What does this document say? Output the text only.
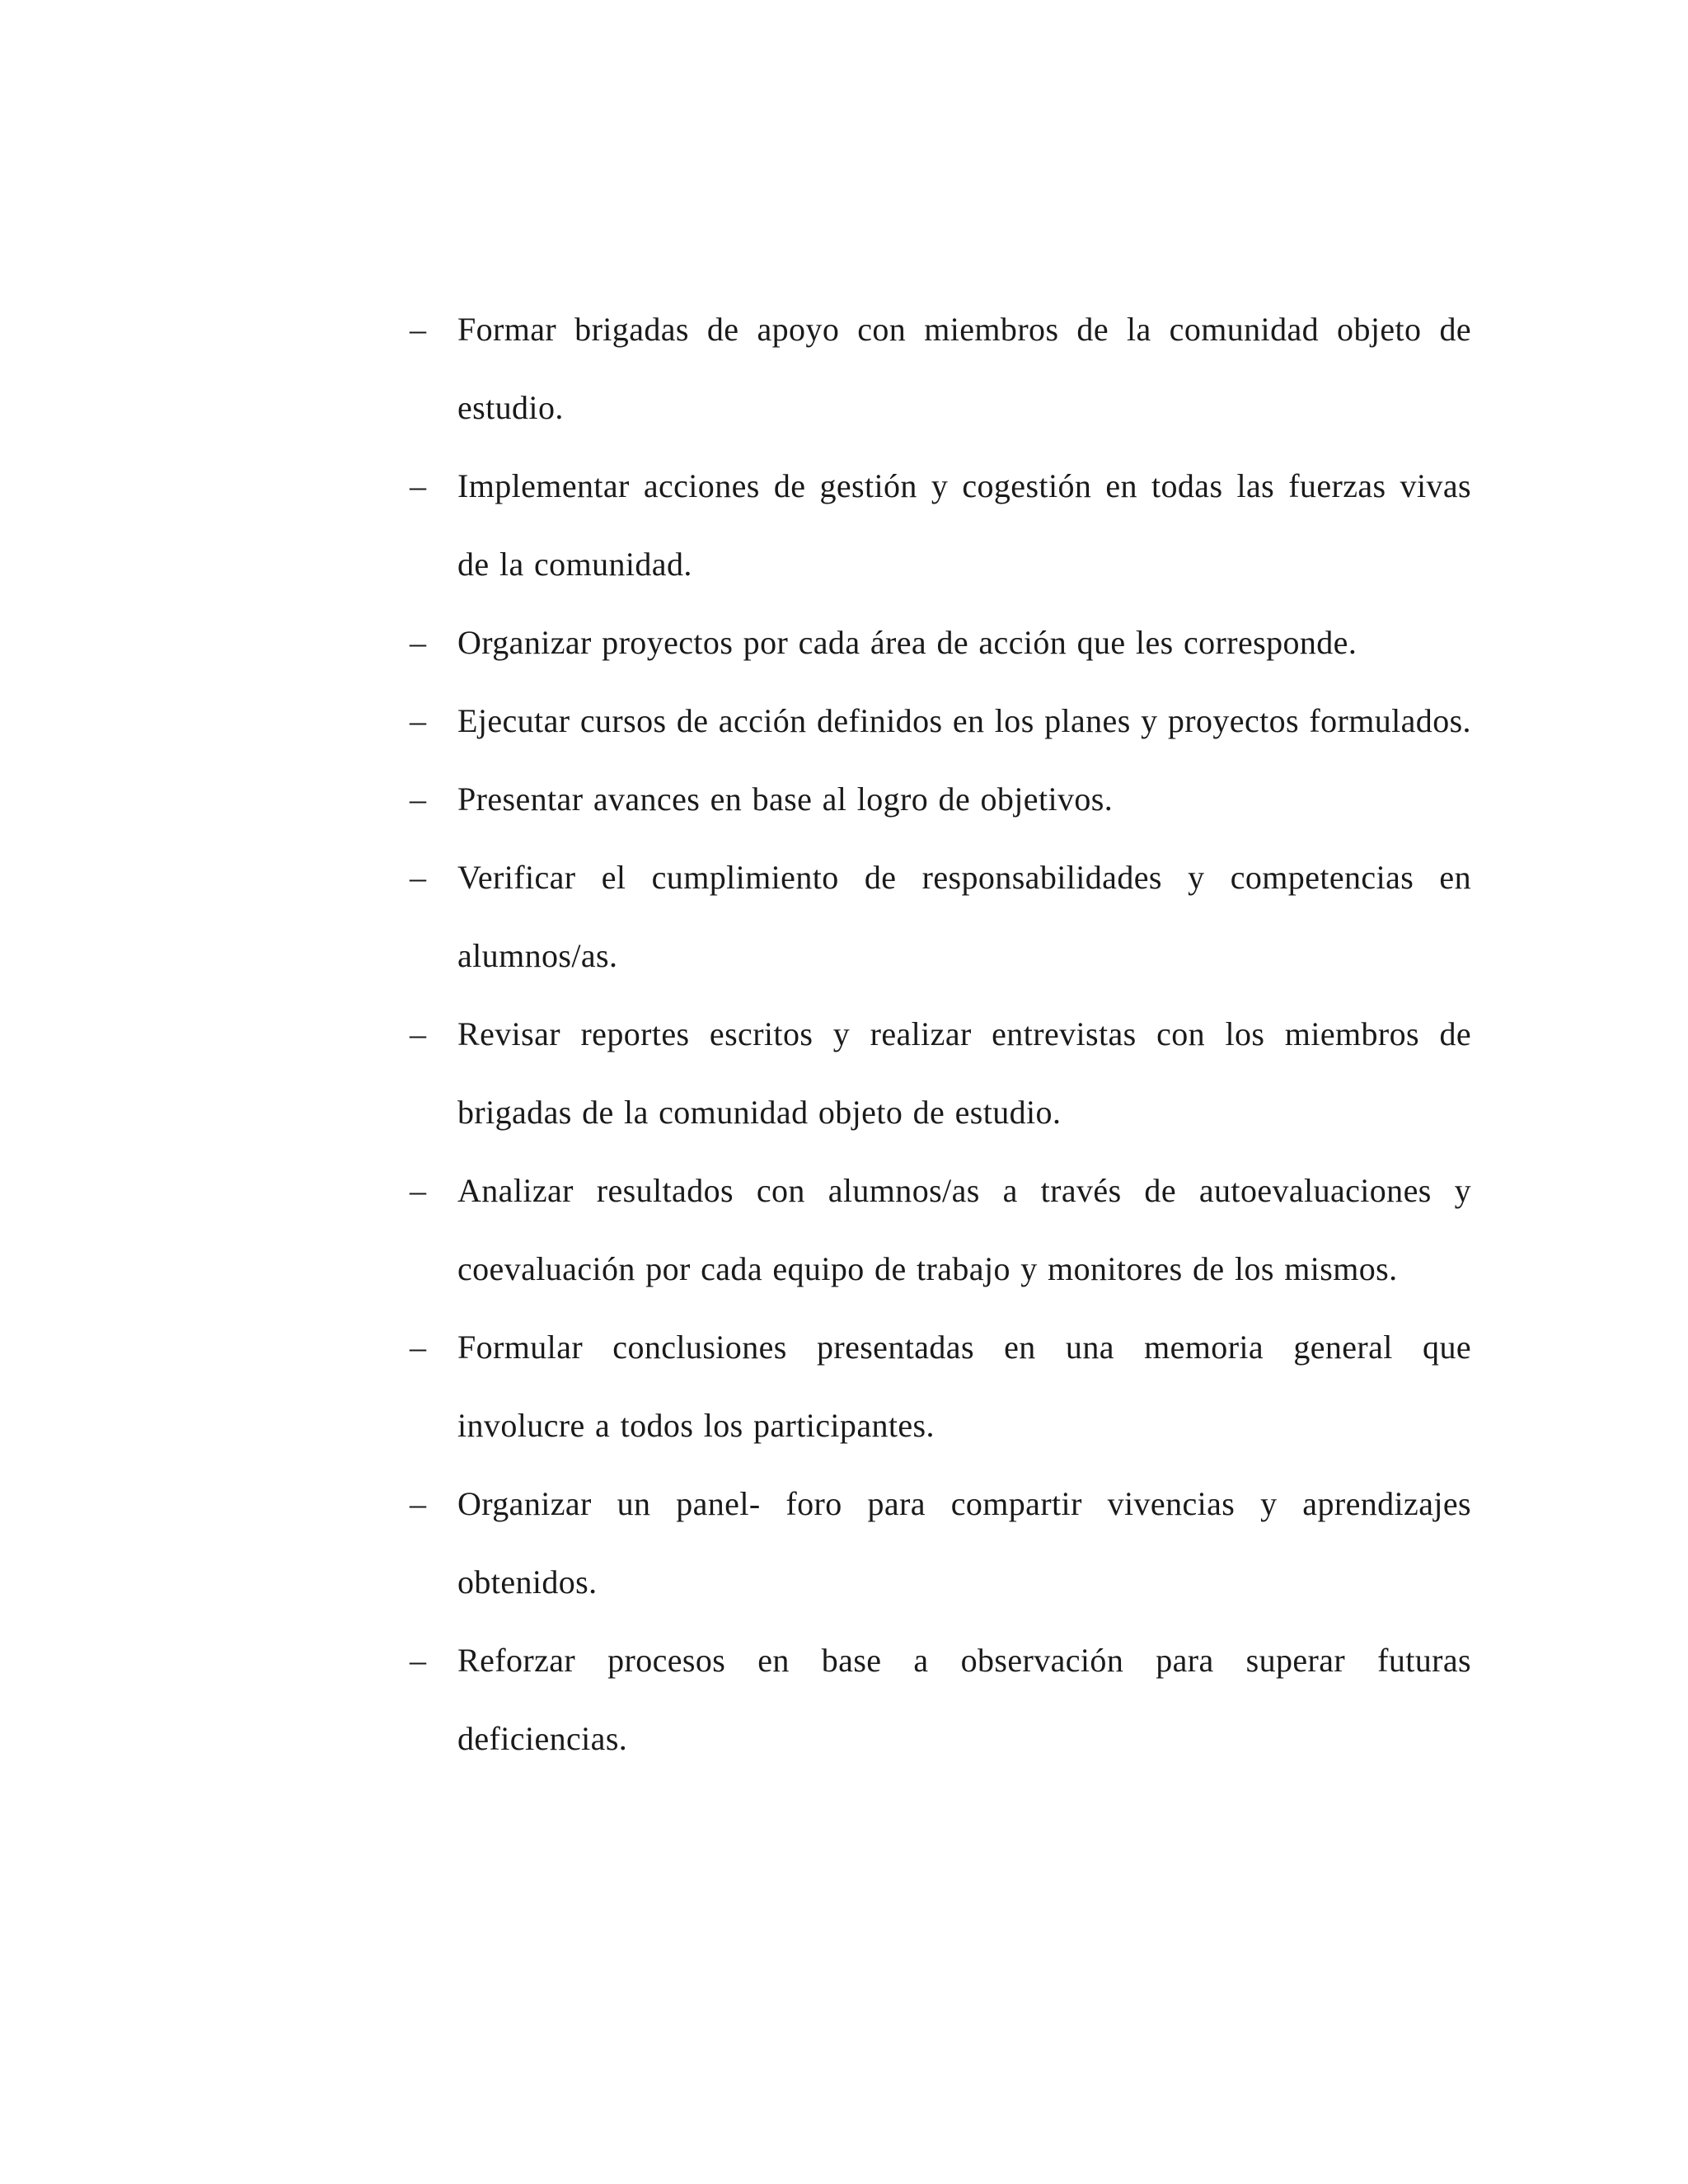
– Formar brigadas de apoyo con miembros de la comunidad objeto de estudio.
– Implementar acciones de gestión y cogestión en todas las fuerzas vivas de la comunidad.
– Organizar proyectos por cada área de acción que les corresponde.
– Ejecutar cursos de acción definidos en los planes y proyectos formulados.
– Presentar avances en base al logro de objetivos.
– Verificar el cumplimiento de responsabilidades y competencias en alumnos/as.
– Revisar reportes escritos y realizar entrevistas con los miembros de brigadas de la comunidad objeto de estudio.
– Analizar resultados con alumnos/as a través de autoevaluaciones y coevaluación por cada equipo de trabajo y monitores de los mismos.
– Formular conclusiones presentadas en una memoria general que involucre a todos los participantes.
– Organizar un panel- foro para compartir vivencias y aprendizajes obtenidos.
– Reforzar procesos en base a observación para superar futuras deficiencias.
